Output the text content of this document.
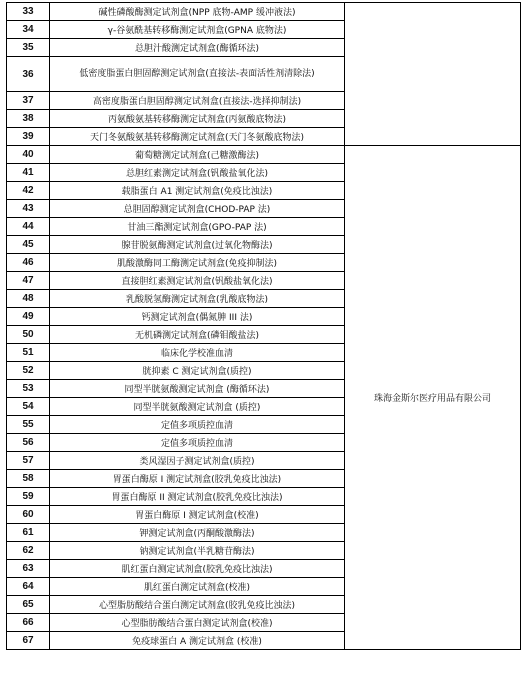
33	碱性磷酸酶测定试剂盒(NPP 底物-AMP 缓冲液法)	
34	γ-谷氨酰基转移酶测定试剂盒(GPNA 底物法)	
35	总胆汁酸测定试剂盒(酶循环法)	
36	低密度脂蛋白胆固醇测定试剂盒(直接法-表面活性剂清除法)	
37	高密度脂蛋白胆固醇测定试剂盒(直接法-选择抑制法)	
38	丙氨酸氨基转移酶测定试剂盒(丙氨酸底物法)	
39	天门冬氨酸氨基转移酶测定试剂盒(天门冬氨酸底物法)	
40	葡萄糖测定试剂盒(己糖激酶法)	珠海金斯尔医疗用品有限公司
41	总胆红素测定试剂盒(钒酸盐氧化法)	
42	载脂蛋白 A1 测定试剂盒(免疫比浊法)	
43	总胆固醇测定试剂盒(CHOD-PAP 法)	
44	甘油三酯测定试剂盒(GPO-PAP 法)	
45	腺苷脱氨酶测定试剂盒(过氧化物酶法)	
46	肌酸激酶同工酶测定试剂盒(免疫抑制法)	
47	直接胆红素测定试剂盒(钒酸盐氧化法)	
48	乳酸脱氢酶测定试剂盒(乳酸底物法)	
49	钙测定试剂盒(偶氮胂 III 法)	
50	无机磷测定试剂盒(磷钼酸盐法)	
51	临床化学校准血清	
52	胱抑素 C 测定试剂盒(质控)	
53	同型半胱氨酸测定试剂盒 (酶循环法)	
54	同型半胱氨酸测定试剂盒 (质控)	
55	定值多项质控血清	
56	定值多项质控血清	
57	类风湿因子测定试剂盒(质控)	
58	胃蛋白酶原 I 测定试剂盒(胶乳免疫比浊法)	
59	胃蛋白酶原 II 测定试剂盒(胶乳免疫比浊法)	
60	胃蛋白酶原 I 测定试剂盒(校准)	
61	钾测定试剂盒(丙酮酸激酶法)	
62	钠测定试剂盒(半乳糖苷酶法)	
63	肌红蛋白测定试剂盒(胶乳免疫比浊法)	
64	肌红蛋白测定试剂盒(校准)	
65	心型脂肪酸结合蛋白测定试剂盒(胶乳免疫比浊法)	
66	心型脂肪酸结合蛋白测定试剂盒(校准)	
67	免疫球蛋白 A 测定试剂盒 (校准)	
